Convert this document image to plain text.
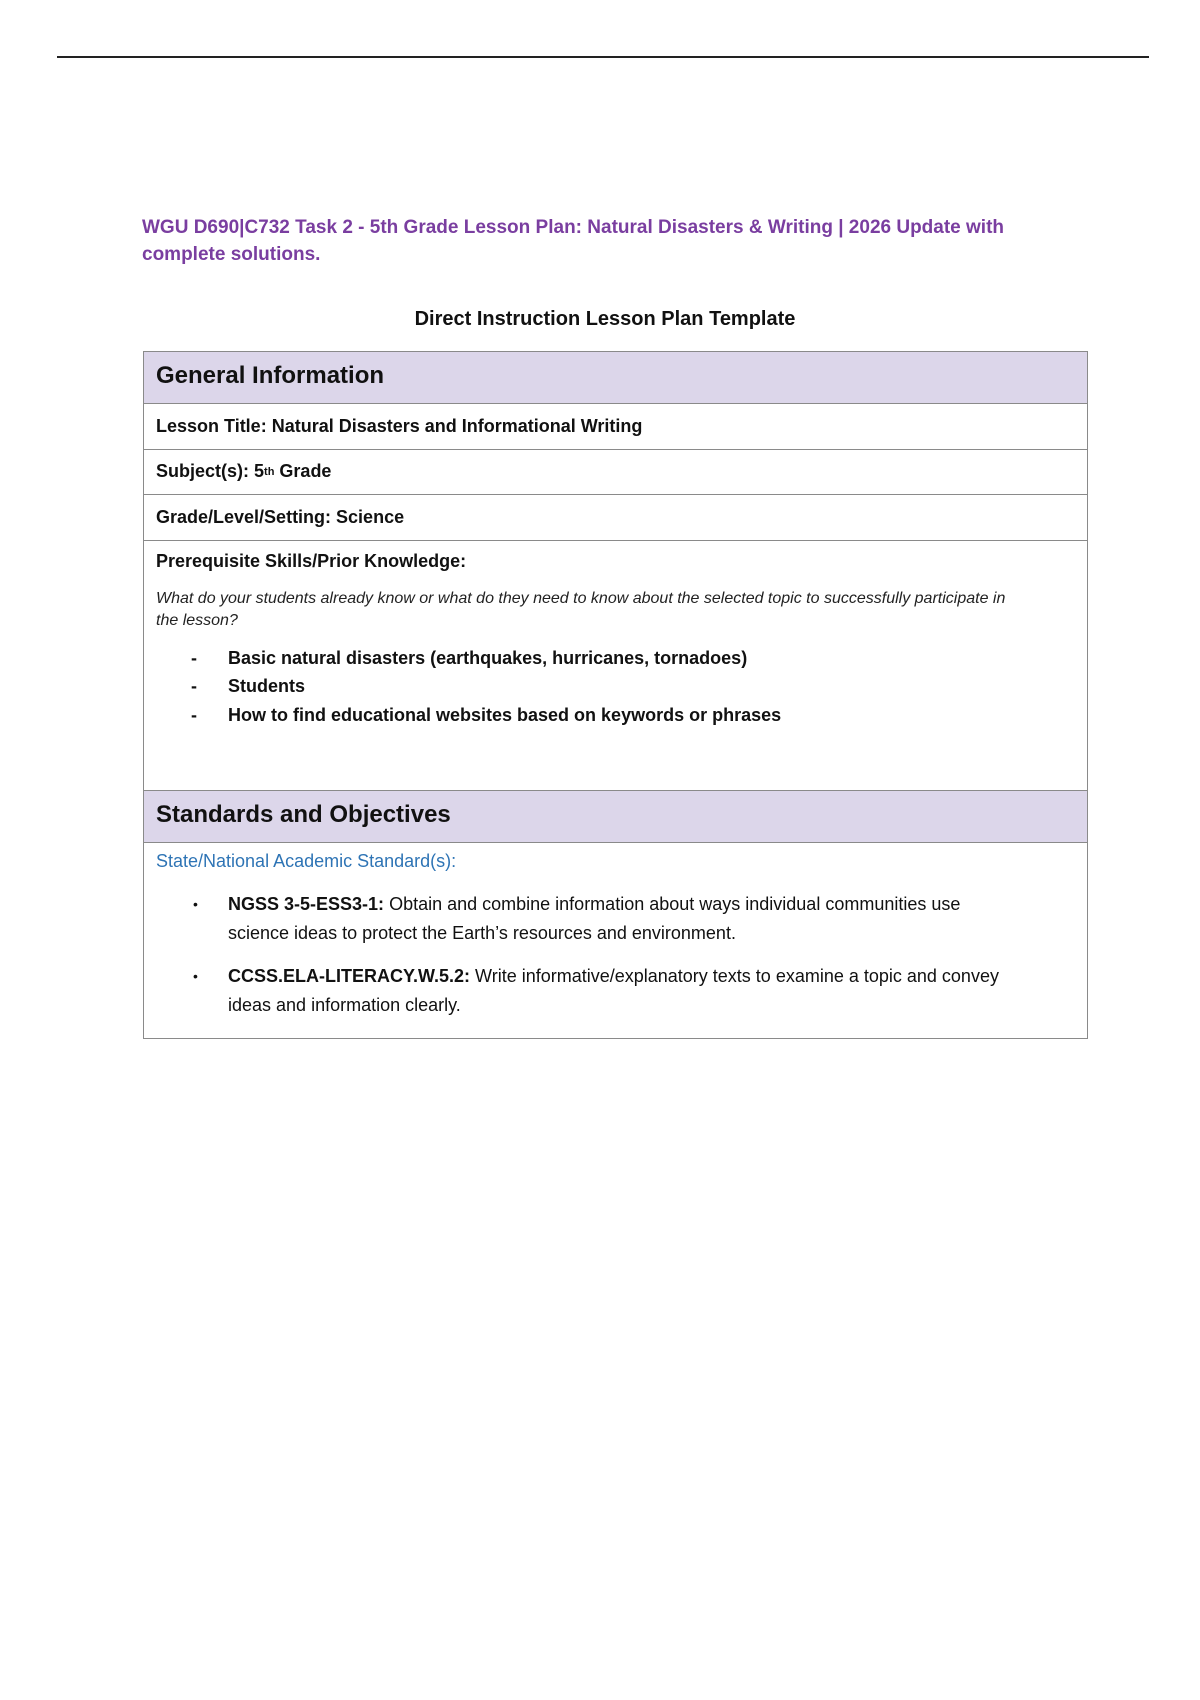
WGU D690|C732 Task 2 - 5th Grade Lesson Plan: Natural Disasters & Writing | 2026 Update with complete solutions.
Direct Instruction Lesson Plan Template
General Information
Lesson Title: Natural Disasters and Informational Writing
Subject(s): 5 th Grade
Grade/Level/Setting: Science
Prerequisite Skills/Prior Knowledge:
What do your students already know or what do they need to know about the selected topic to successfully participate in the lesson?
- Basic natural disasters (earthquakes, hurricanes, tornadoes)
- Students
- How to find educational websites based on keywords or phrases
Standards and Objectives
State/National Academic Standard(s):
• NGSS 3-5-ESS3-1: Obtain and combine information about ways individual communities use science ideas to protect the Earth’s resources and environment.
• CCSS.ELA-LITERACY.W.5.2: Write informative/explanatory texts to examine a topic and convey ideas and information clearly.
